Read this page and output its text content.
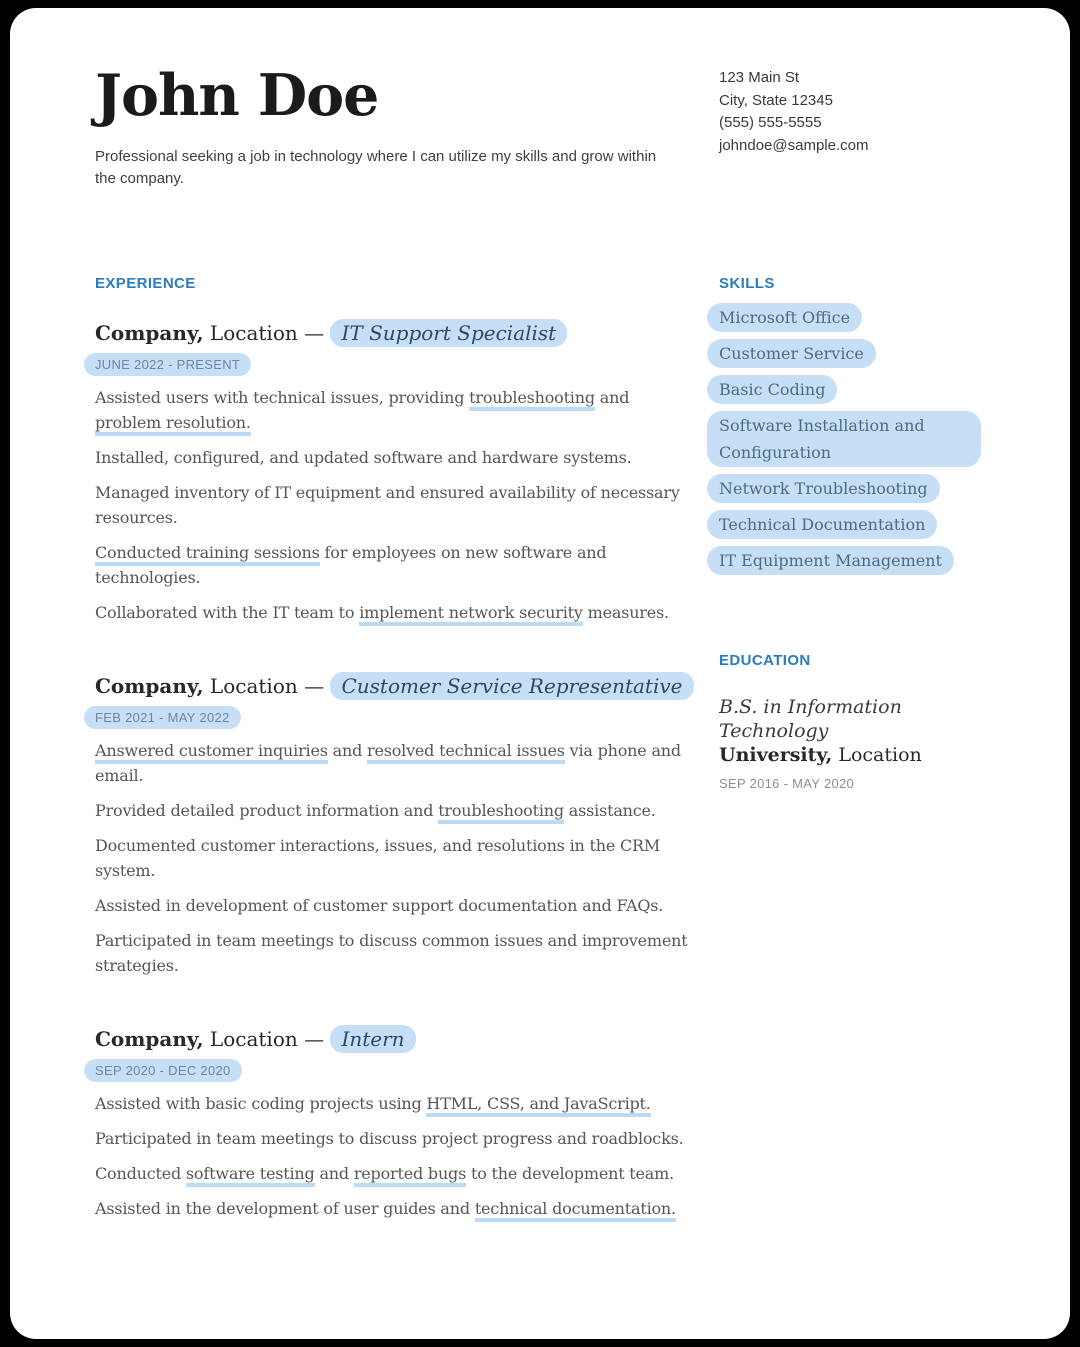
John Doe

Professional seeking a job in technology where I can utilize my skills and grow within the company.

123 Main St
City, State 12345
(555) 555-5555
johndoe@sample.com
EXPERIENCE
Company, Location — IT Support Specialist
JUNE 2022 - PRESENT

Assisted users with technical issues, providing troubleshooting and problem resolution.

Installed, configured, and updated software and hardware systems.

Managed inventory of IT equipment and ensured availability of necessary resources.

Conducted training sessions for employees on new software and technologies.

Collaborated with the IT team to implement network security measures.

Company, Location — Customer Service Representative
FEB 2021 - MAY 2022

Answered customer inquiries and resolved technical issues via phone and email.

Provided detailed product information and troubleshooting assistance.

Documented customer interactions, issues, and resolutions in the CRM system.

Assisted in development of customer support documentation and FAQs.

Participated in team meetings to discuss common issues and improvement strategies.

Company, Location — Intern
SEP 2020 - DEC 2020

Assisted with basic coding projects using HTML, CSS, and JavaScript.

Participated in team meetings to discuss project progress and roadblocks.

Conducted software testing and reported bugs to the development team.

Assisted in the development of user guides and technical documentation.

SKILLS
Microsoft Office
Customer Service
Basic Coding
Software Installation and Configuration
Network Troubleshooting
Technical Documentation
IT Equipment Management
EDUCATION

B.S. in Information Technology

University, Location

SEP 2016 - MAY 2020
